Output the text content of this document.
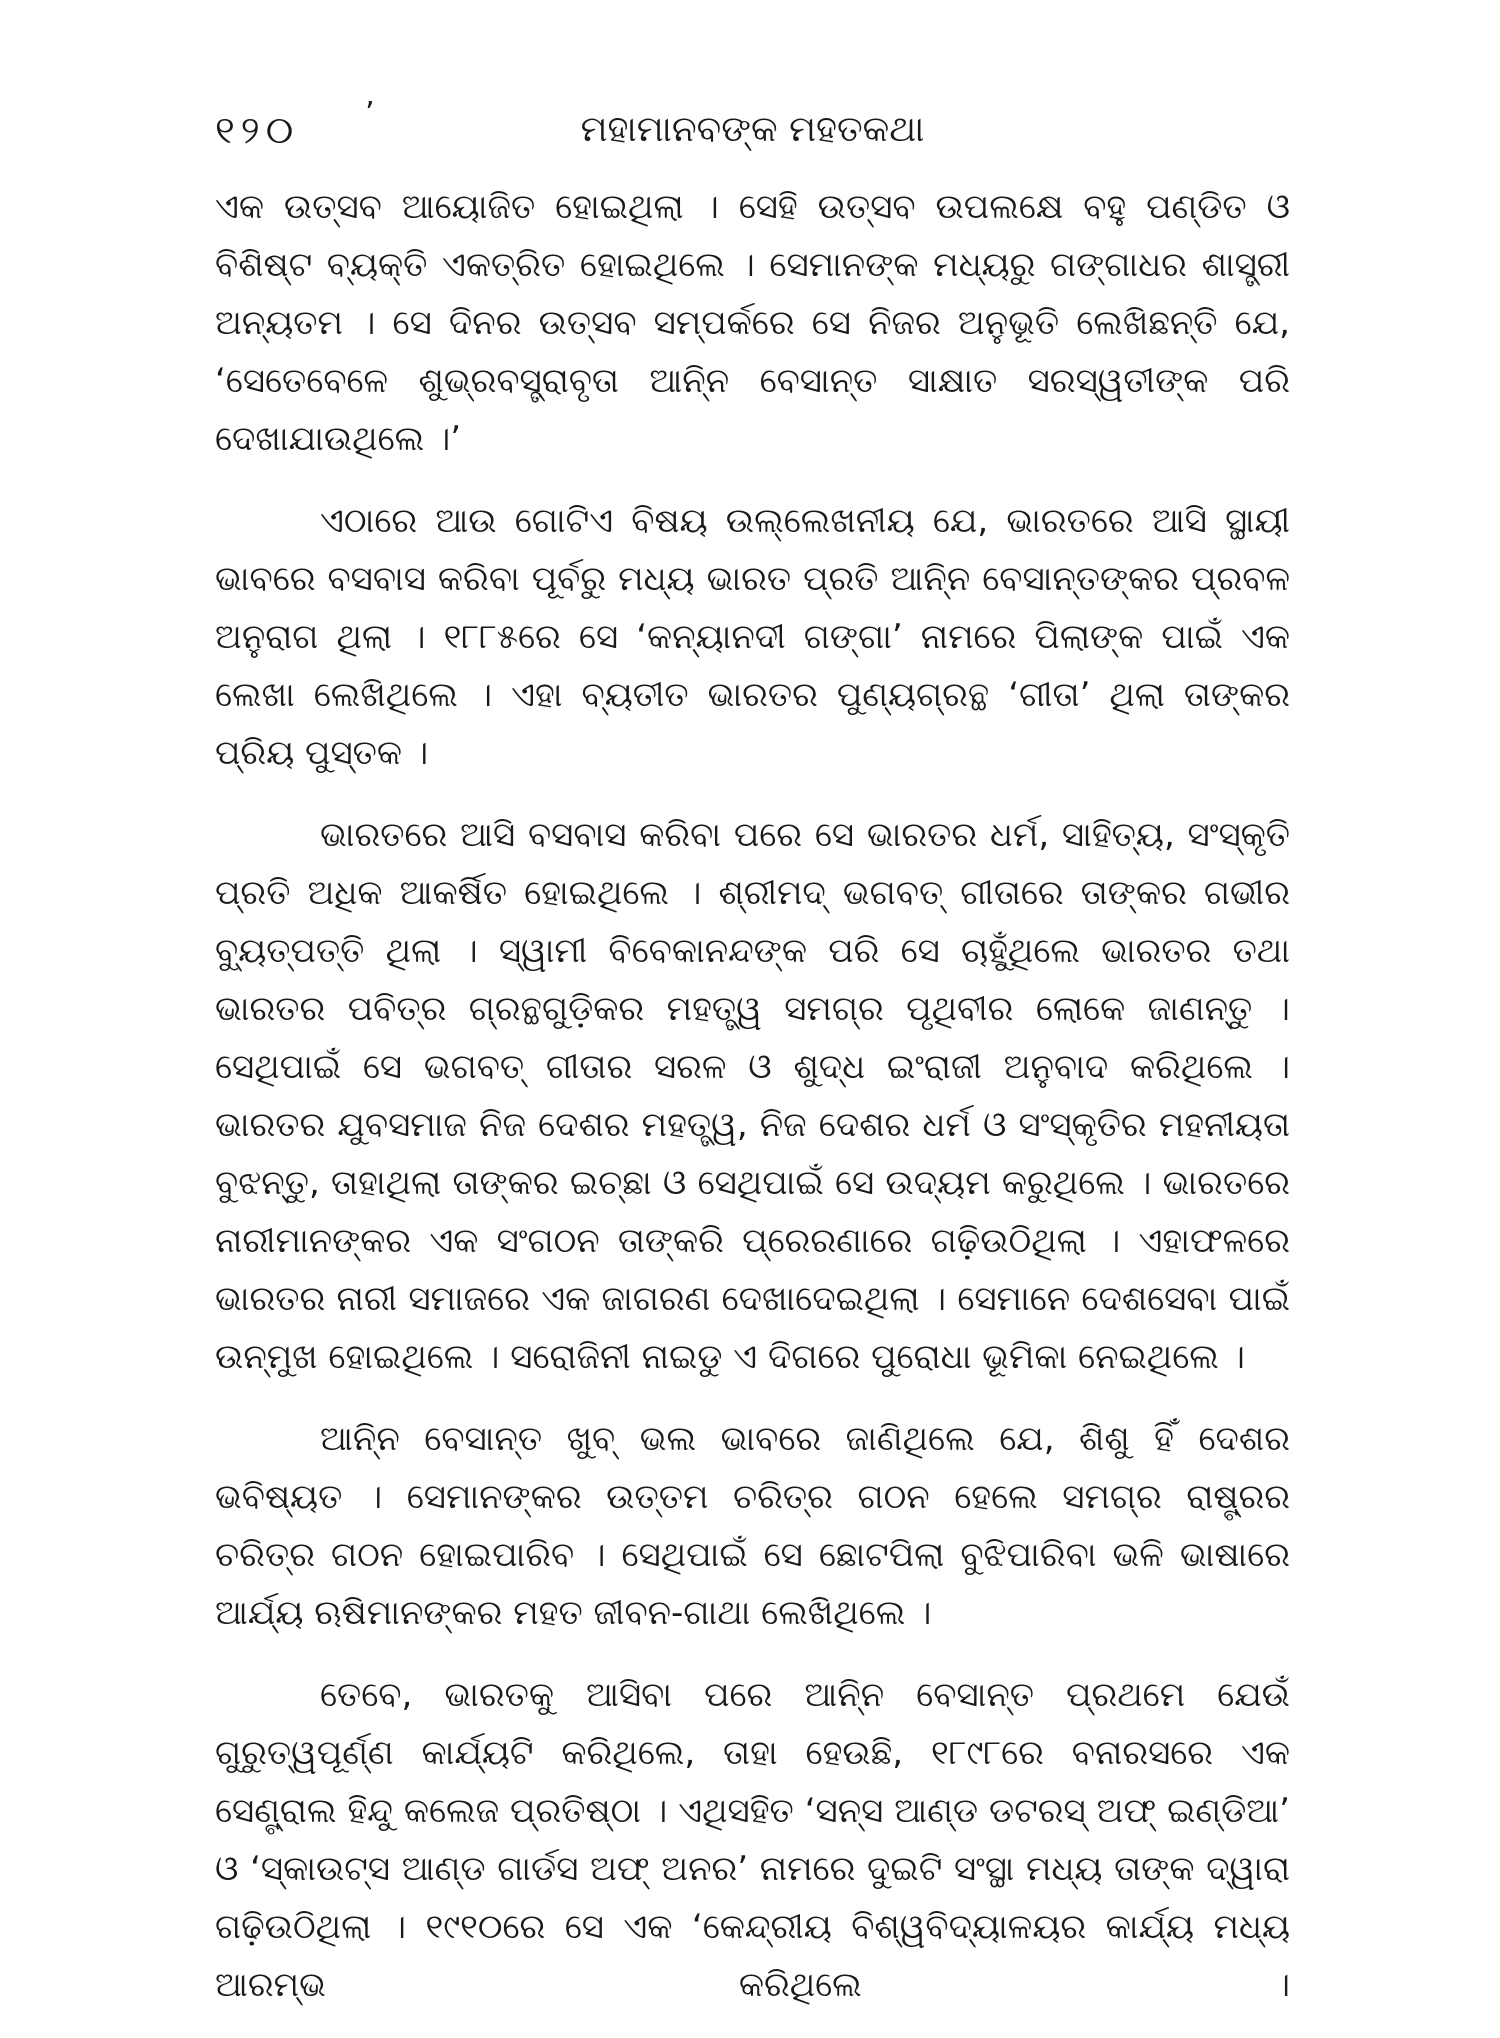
୧୨୦ ’	ମହାମାନବଙ୍କ ମହତକଥା

ଏକ ଉତ୍ସବ ଆୟୋଜିତ ହୋଇଥିଲା । ସେହି ଉତ୍ସବ ଉପଲକ୍ଷେ ବହୁ ପଣ୍ଡିତ ଓ ବିଶିଷ୍ଟ ବ୍ୟକ୍ତି ଏକତ୍ରିତ ହୋଇଥିଲେ । ସେମାନଙ୍କ ମଧ୍ୟରୁ ଗଙ୍ଗାଧର ଶାସ୍ତ୍ରୀ ଅନ୍ୟତମ । ସେ ଦିନର ଉତ୍ସବ ସମ୍ପର୍କରେ ସେ ନିଜର ଅନୁଭୂତି ଲେଖିଛନ୍ତି ଯେ, ‘ସେତେବେଳେ ଶୁଭ୍ରବସ୍ତ୍ରାବୃତା ଆନି୍ନ ବେସାନ୍ତ ସାକ୍ଷାତ ସରସ୍ୱତୀଙ୍କ ପରି ଦେଖାଯାଉଥିଲେ ।’

ଏଠାରେ ଆଉ ଗୋଟିଏ ବିଷୟ ଉଲ୍ଲେଖନୀୟ ଯେ, ଭାରତରେ ଆସି ସ୍ଥାୟୀ ଭାବରେ ବସବାସ କରିବା ପୂର୍ବରୁ ମଧ୍ୟ ଭାରତ ପ୍ରତି ଆନି୍ନ ବେସାନ୍ତଙ୍କର ପ୍ରବଳ ଅନୁରାଗ ଥିଲା । ୧୮୮୫ରେ ସେ ‘କନ୍ୟାନଦୀ ଗଙ୍ଗା’ ନାମରେ ପିଲାଙ୍କ ପାଇଁ ଏକ ଲେଖା ଲେଖିଥିଲେ । ଏହା ବ୍ୟତୀତ ଭାରତର ପୁଣ୍ୟଗ୍ରନ୍ଥ ‘ଗୀତା’ ଥିଲା ତାଙ୍କର ପ୍ରିୟ ପୁସ୍ତକ ।

ଭାରତରେ ଆସି ବସବାସ କରିବା ପରେ ସେ ଭାରତର ଧର୍ମ, ସାହିତ୍ୟ, ସଂସ୍କୃତି ପ୍ରତି ଅଧିକ ଆକର୍ଷିତ ହୋଇଥିଲେ । ଶ୍ରୀମଦ୍ ଭଗବତ୍ ଗୀତାରେ ତାଙ୍କର ଗଭୀର ବ୍ୟୁତ୍ପତ୍ତି ଥିଲା । ସ୍ୱାମୀ ବିବେକାନନ୍ଦଙ୍କ ପରି ସେ ଚାହୁଁଥିଲେ ଭାରତର ତଥା ଭାରତର ପବିତ୍ର ଗ୍ରନ୍ଥଗୁଡ଼ିକର ମହତ୍ତ୍ୱ ସମଗ୍ର ପୃଥିବୀର ଲୋକେ ଜାଣନ୍ତୁ । ସେଥିପାଇଁ ସେ ଭଗବତ୍ ଗୀତାର ସରଳ ଓ ଶୁଦ୍ଧ ଇଂରାଜୀ ଅନୁବାଦ କରିଥିଲେ । ଭାରତର ଯୁବସମାଜ ନିଜ ଦେଶର ମହତ୍ତ୍ୱ, ନିଜ ଦେଶର ଧର୍ମ ଓ ସଂସ୍କୃତିର ମହନୀୟତା ବୁଝନ୍ତୁ, ତାହାଥିଲା ତାଙ୍କର ଇଚ୍ଛା ଓ ସେଥିପାଇଁ ସେ ଉଦ୍ୟମ କରୁଥିଲେ । ଭାରତରେ ନାରୀମାନଙ୍କର ଏକ ସଂଗଠନ ତାଙ୍କରି ପ୍ରେରଣାରେ ଗଢ଼ିଉଠିଥିଲା । ଏହାଫଳରେ ଭାରତର ନାରୀ ସମାଜରେ ଏକ ଜାଗରଣ ଦେଖାଦେଇଥିଲା । ସେମାନେ ଦେଶସେବା ପାଇଁ ଉନ୍ମୁଖ ହୋଇଥିଲେ । ସରୋଜିନୀ ନାଇଡୁ ଏ ଦିଗରେ ପୁରୋଧା ଭୂମିକା ନେଇଥିଲେ ।

ଆନି୍ନ ବେସାନ୍ତ ଖୁବ୍ ଭଲ ଭାବରେ ଜାଣିଥିଲେ ଯେ, ଶିଶୁ ହିଁ ଦେଶର ଭବିଷ୍ୟତ । ସେମାନଙ୍କର ଉତ୍ତମ ଚରିତ୍ର ଗଠନ ହେଲେ ସମଗ୍ର ରାଷ୍ଟ୍ରର ଚରିତ୍ର ଗଠନ ହୋଇପାରିବ । ସେଥିପାଇଁ ସେ ଛୋଟପିଲା ବୁଝିପାରିବା ଭଳି ଭାଷାରେ ଆର୍ଯ୍ୟ ଋଷିମାନଙ୍କର ମହତ ଜୀବନ-ଗାଥା ଲେଖିଥିଲେ ।

ତେବେ, ଭାରତକୁ ଆସିବା ପରେ ଆନି୍ନ ବେସାନ୍ତ ପ୍ରଥମେ ଯେଉଁ ଗୁରୁତ୍ୱପୂର୍ଣ୍ଣ କାର୍ଯ୍ୟଟି କରିଥିଲେ, ତାହା ହେଉଛି, ୧୮୯୮ରେ ବନାରସରେ ଏକ ସେଣ୍ଟ୍ରାଲ ହିନ୍ଦୁ କଲେଜ ପ୍ରତିଷ୍ଠା । ଏଥିସହିତ ‘ସନ୍ସ ଆଣ୍ଡ ଡଟରସ୍ ଅଫ୍ ଇଣ୍ଡିଆ’ ଓ ‘ସ୍କାଉଟ୍ସ ଆଣ୍ଡ ଗାର୍ଡସ ଅଫ୍ ଅନର’ ନାମରେ ଦୁଇଟି ସଂସ୍ଥା ମଧ୍ୟ ତାଙ୍କ ଦ୍ୱାରା ଗଢ଼ିଉଠିଥିଲା । ୧୯୧୦ରେ ସେ ଏକ ‘କେନ୍ଦ୍ରୀୟ ବିଶ୍ୱବିଦ୍ୟାଳୟର କାର୍ଯ୍ୟ ମଧ୍ୟ ଆରମ୍ଭ କରିଥିଲେ ।
